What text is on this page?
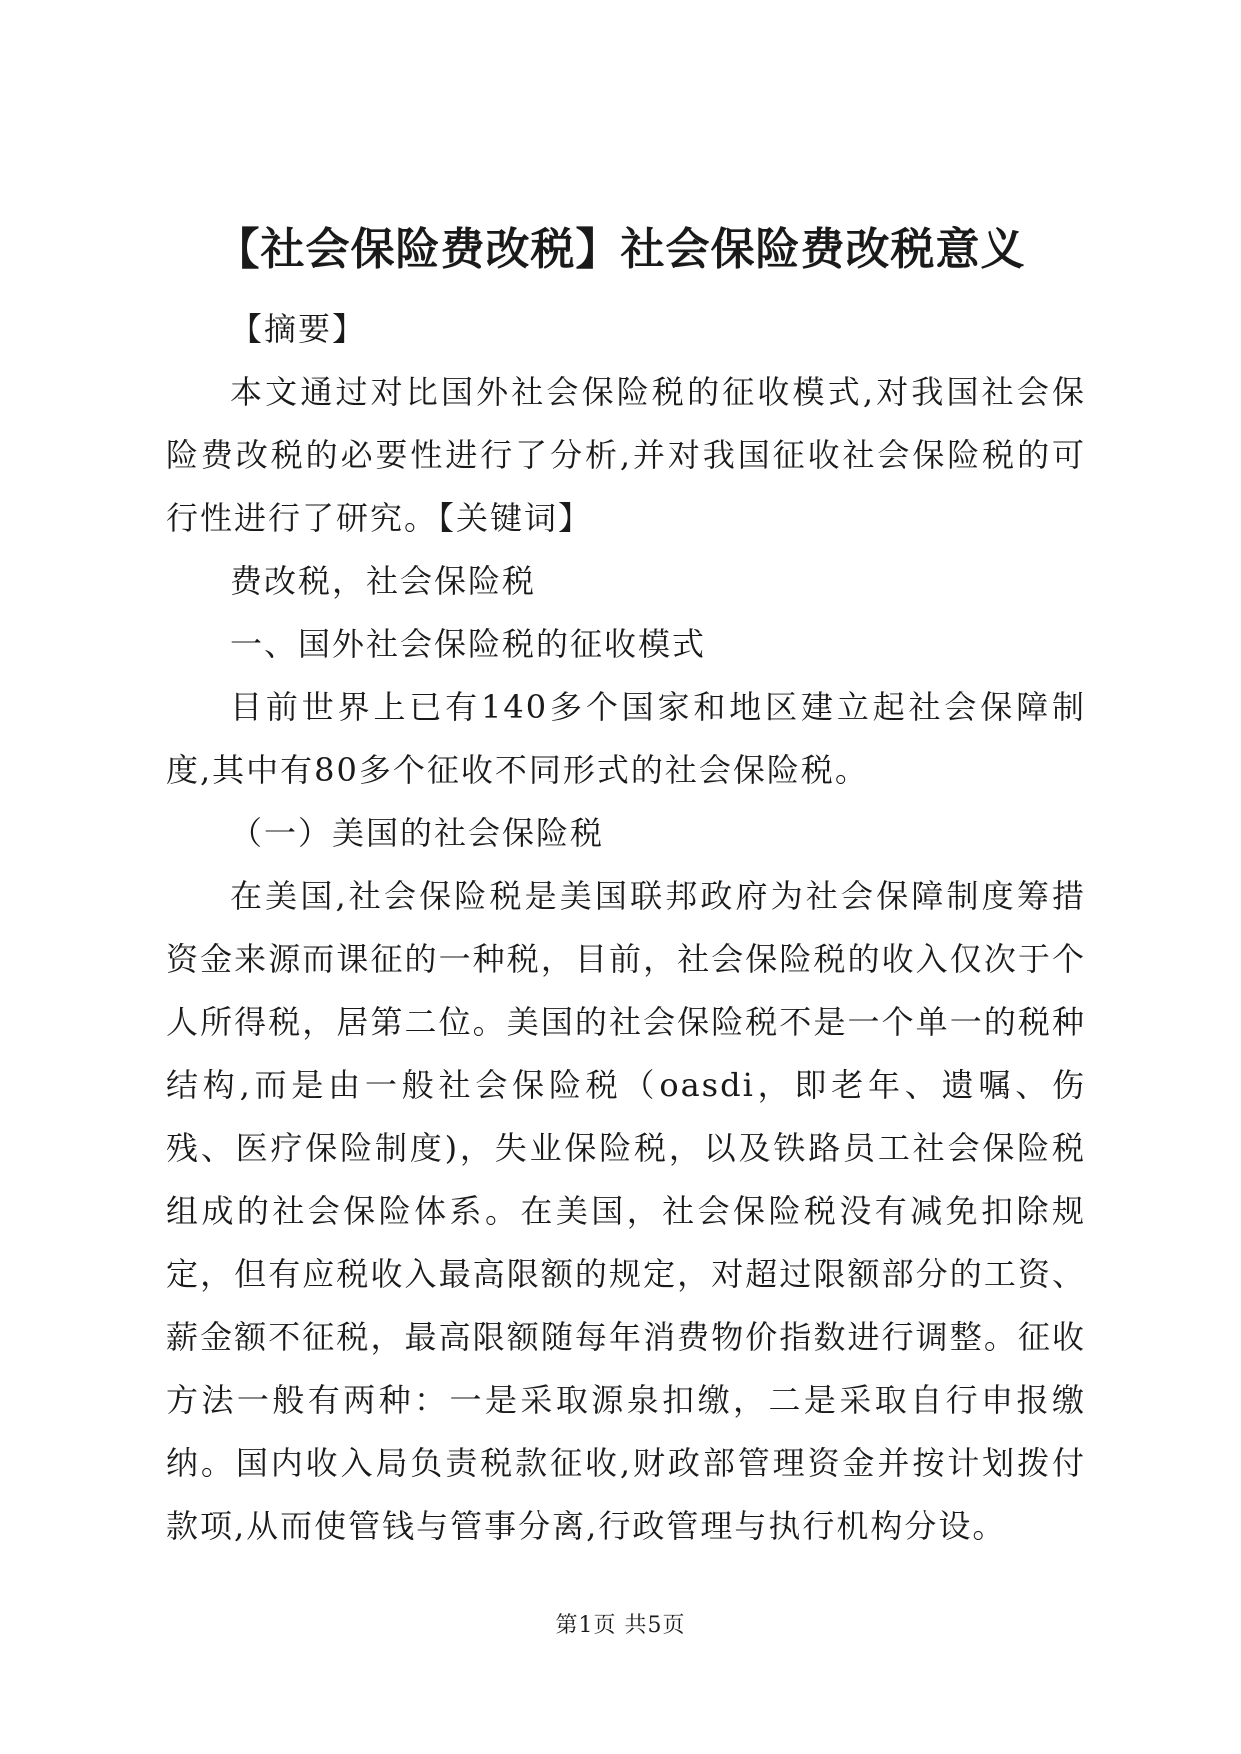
【社会保险费改税】社会保险费改税意义

【摘要】

本文通过对比国外社会保险税的征收模式,对我国社会保险费改税的必要性进行了分析,并对我国征收社会保险税的可行性进行了研究。【关键词】

费改税，社会保险税

一、国外社会保险税的征收模式

目前世界上已有140多个国家和地区建立起社会保障制度,其中有80多个征收不同形式的社会保险税。

（一）美国的社会保险税

在美国,社会保险税是美国联邦政府为社会保障制度筹措资金来源而课征的一种税，目前，社会保险税的收入仅次于个人所得税，居第二位。美国的社会保险税不是一个单一的税种结构,而是由一般社会保险税（oasdi，即老年、遗嘱、伤残、医疗保险制度)，失业保险税，以及铁路员工社会保险税组成的社会保险体系。在美国，社会保险税没有减免扣除规定，但有应税收入最高限额的规定，对超过限额部分的工资、薪金额不征税，最高限额随每年消费物价指数进行调整。征收方法一般有两种：一是采取源泉扣缴，二是采取自行申报缴纳。国内收入局负责税款征收,财政部管理资金并按计划拨付款项,从而使管钱与管事分离,行政管理与执行机构分设。

第1页 共5页
